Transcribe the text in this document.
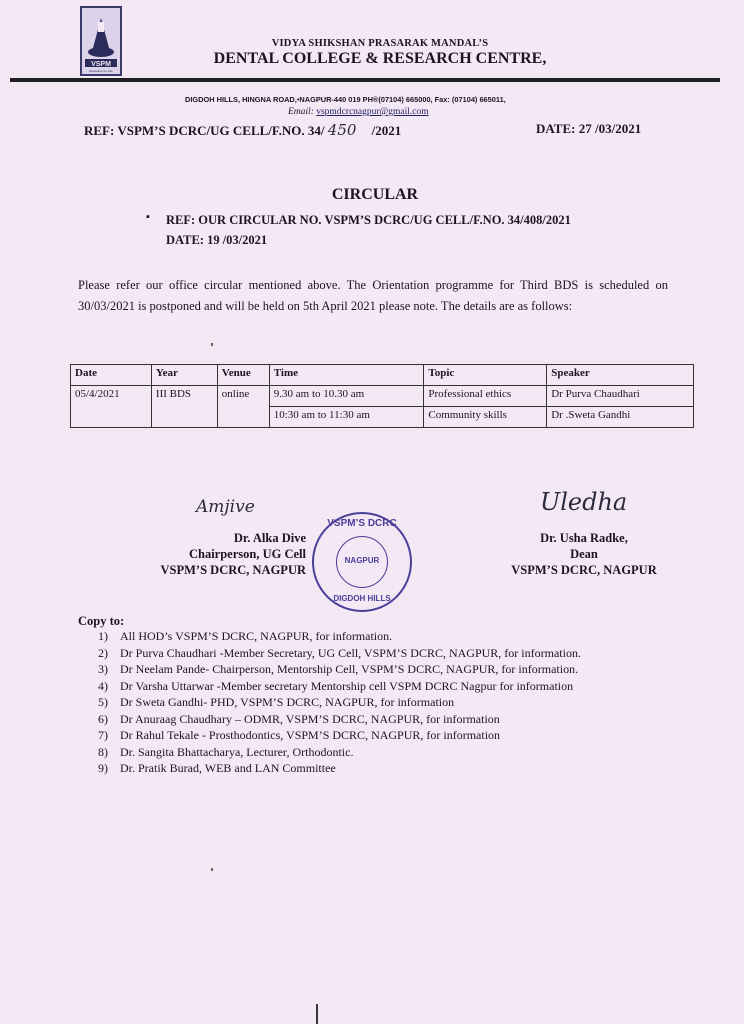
VSPM
Education for Life
VIDYA SHIKSHAN PRASARAK MANDAL’S
DENTAL COLLEGE & RESEARCH CENTRE,
DIGDOH HILLS, HINGNA ROAD,•NAGPUR-440 019 PH®(07104) 665000, Fax: (07104) 665011,
Email: vspmdcrcnagpur@gmail.com
REF: VSPM’S DCRC/UG CELL/F.NO. 34/ 450 /2021	DATE: 27 /03/2021
CIRCULAR
▪ REF: OUR CIRCULAR NO. VSPM’S DCRC/UG CELL/F.NO. 34/408/2021
DATE: 19 /03/2021
Please refer our office circular mentioned above. The Orientation programme for Third BDS is scheduled on 30/03/2021 is postponed and will be held on 5th April 2021 please note. The details are as follows:
Date	Year	Venue	Time	Topic	Speaker
05/4/2021	III BDS	online	9.30 am to 10.30 am	Professional ethics	Dr Purva Chaudhari
			10:30 am to 11:30 am	Community skills	Dr .Sweta Gandhi
Amjive
Dr. Alka Dive
Chairperson, UG Cell
VSPM’S DCRC, NAGPUR
VSPM’S DCRC
NAGPUR
DIGDOH HILLS
Uledha
Dr. Usha Radke,
Dean
VSPM’S DCRC, NAGPUR
Copy to:
1)	All HOD’s VSPM’S DCRC, NAGPUR, for information.
2)	Dr Purva Chaudhari -Member Secretary, UG Cell, VSPM’S DCRC, NAGPUR, for information.
3)	Dr Neelam Pande- Chairperson, Mentorship Cell, VSPM’S DCRC, NAGPUR, for information.
4)	Dr Varsha Uttarwar -Member secretary Mentorship cell VSPM DCRC Nagpur for information
5)	Dr Sweta Gandhi- PHD, VSPM’S DCRC, NAGPUR, for information
6)	Dr Anuraag Chaudhary – ODMR, VSPM’S DCRC, NAGPUR, for information
7)	Dr Rahul Tekale - Prosthodontics, VSPM’S DCRC, NAGPUR, for information
8)	Dr. Sangita Bhattacharya, Lecturer, Orthodontic.
9)	Dr. Pratik Burad, WEB and LAN Committee
